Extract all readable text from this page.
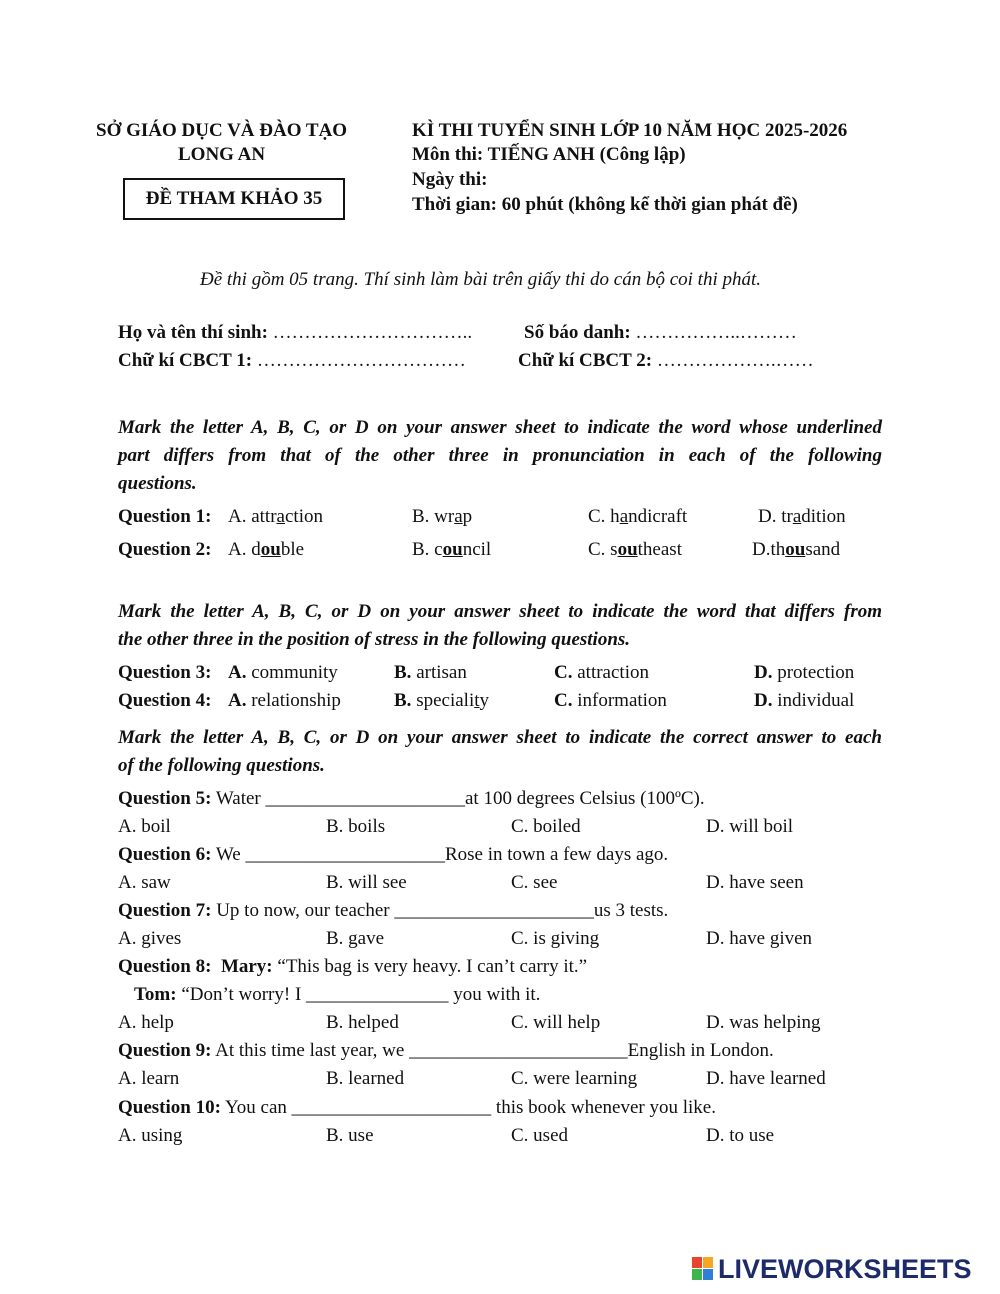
SỞ GIÁO DỤC VÀ ĐÀO TẠO
LONG AN
ĐỀ THAM KHẢO 35
KÌ THI TUYỂN SINH LỚP 10 NĂM HỌC 2025-2026
Môn thi: TIẾNG ANH (Công lập)
Ngày thi:
Thời gian: 60 phút (không kể thời gian phát đề)
Đề thi gồm 05 trang. Thí sinh làm bài trên giấy thi do cán bộ coi thi phát.
Họ và tên thí sinh: …………………………..	Số báo danh: ……………..………
Chữ kí CBCT 1: ……………………………	Chữ kí CBCT 2: ……………….……
Mark the letter A, B, C, or D on your answer sheet to indicate the word whose underlined
part differs from that of the other three in pronunciation in each of the following
questions.
Question 1: A. attraction	B. wrap	C. handicraft	D. tradition
Question 2: A. double	B. council	C. southeast	D.thousand
Mark the letter A, B, C, or D on your answer sheet to indicate the word that differs from
the other three in the position of stress in the following questions.
Question 3: A. community	B. artisan	C. attraction	D. protection
Question 4: A. relationship	B. speciality	C. information	D. individual
Mark the letter A, B, C, or D on your answer sheet to indicate the correct answer to each
of the following questions.
Question 5: Water _____________________at 100 degrees Celsius (100ºC).
A. boil	B. boils	C. boiled	D. will boil
Question 6: We _____________________Rose in town a few days ago.
A. saw	B. will see	C. see	D. have seen
Question 7: Up to now, our teacher _____________________us 3 tests.
A. gives	B. gave	C. is giving	D. have given
Question 8: Mary: “This bag is very heavy. I can’t carry it.”
Tom: “Don’t worry! I _______________ you with it.
A. help	B. helped	C. will help	D. was helping
Question 9: At this time last year, we _______________________English in London.
A. learn	B. learned	C. were learning	D. have learned
Question 10: You can _____________________ this book whenever you like.
A. using	B. use	C. used	D. to use
LIVEWORKSHEETS
